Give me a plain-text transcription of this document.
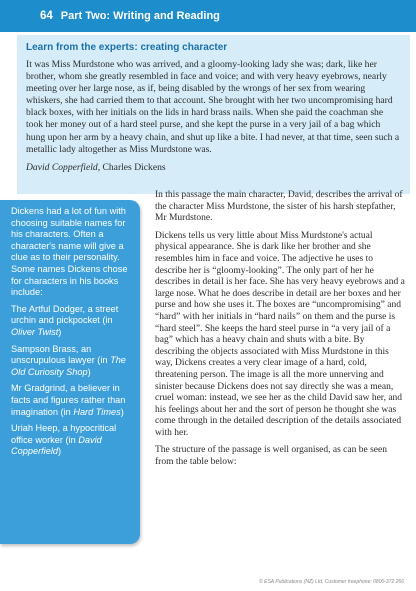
64 Part Two: Writing and Reading

Learn from the experts: creating character

It was Miss Murdstone who was arrived, and a gloomy-looking lady she was; dark, like her brother, whom she greatly resembled in face and voice; and with very heavy eyebrows, nearly meeting over her large nose, as if, being disabled by the wrongs of her sex from wearing whiskers, she had carried them to that account. She brought with her two uncompromising hard black boxes, with her initials on the lids in hard brass nails. When she paid the coachman she took her money out of a hard steel purse, and she kept the purse in a very jail of a bag which hung upon her arm by a heavy chain, and shut up like a bite. I had never, at that time, seen such a metallic lady altogether as Miss Murdstone was.

David Copperfield, Charles Dickens

Dickens had a lot of fun with choosing suitable names for his characters. Often a character's name will give a clue as to their personality. Some names Dickens chose for characters in his books include:

The Artful Dodger, a street urchin and pickpocket (in Oliver Twist)

Sampson Brass, an unscrupulous lawyer (in The Old Curiosity Shop)

Mr Gradgrind, a believer in facts and figures rather than imagination (in Hard Times)

Uriah Heep, a hypocritical office worker (in David Copperfield)

In this passage the main character, David, describes the arrival of the character Miss Murdstone, the sister of his harsh stepfather, Mr Murdstone.

Dickens tells us very little about Miss Murdstone's actual physical appearance. She is dark like her brother and she resembles him in face and voice. The adjective he uses to describe her is “gloomy-looking”. The only part of her he describes in detail is her face. She has very heavy eyebrows and a large nose. What he does describe in detail are her boxes and her purse and how she uses it. The boxes are “uncompromising” and “hard” with her initials in “hard nails” on them and the purse is “hard steel”. She keeps the hard steel purse in “a very jail of a bag” which has a heavy chain and shuts with a bite. By describing the objects associated with Miss Murdstone in this way, Dickens creates a very clear image of a hard, cold, threatening person. The image is all the more unnerving and sinister because Dickens does not say directly she was a mean, cruel woman: instead, we see her as the child David saw her, and his feelings about her and the sort of person he thought she was come through in the detailed description of the details associated with her.

The structure of the passage is well organised, as can be seen from the table below:

© ESA Publications (NZ) Ltd, Customer freephone: 0800-372 266
